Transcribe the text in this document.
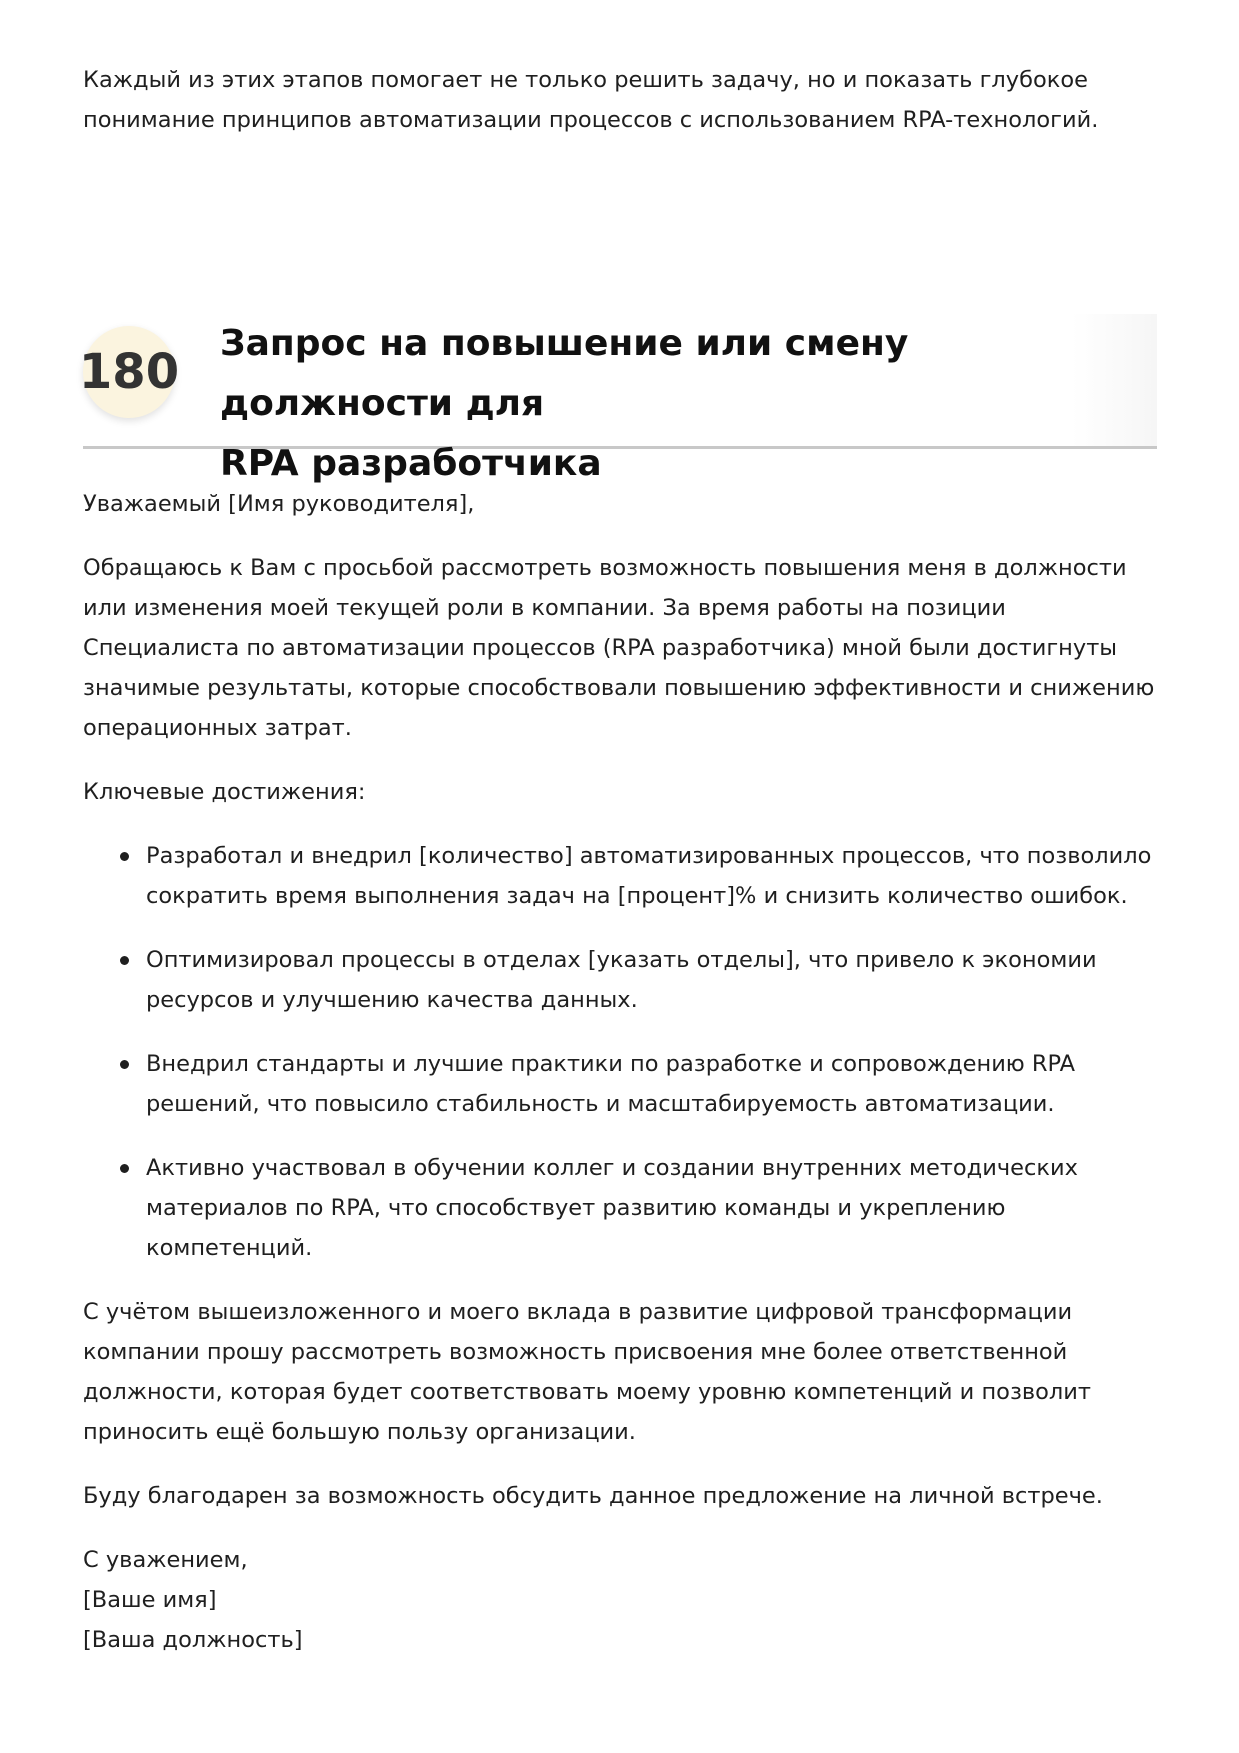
Каждый из этих этапов помогает не только решить задачу, но и показать глубокое

понимание принципов автоматизации процессов с использованием RPA-технологий.

180
Запрос на повышение или смену должности для
RPA разработчика

Уважаемый [Имя руководителя],

Обращаюсь к Вам с просьбой рассмотреть возможность повышения меня в должности или изменения моей текущей роли в компании. За время работы на позиции Специалиста по автоматизации процессов (RPA разработчика) мной были достигнуты значимые результаты, которые способствовали повышению эффективности и снижению операционных затрат.

Ключевые достижения:

Разработал и внедрил [количество] автоматизированных процессов, что позволило сократить время выполнения задач на [процент]% и снизить количество ошибок.
Оптимизировал процессы в отделах [указать отделы], что привело к экономии ресурсов и улучшению качества данных.
Внедрил стандарты и лучшие практики по разработке и сопровождению RPA решений, что повысило стабильность и масштабируемость автоматизации.
Активно участвовал в обучении коллег и создании внутренних методических материалов по RPA, что способствует развитию команды и укреплению компетенций.

С учётом вышеизложенного и моего вклада в развитие цифровой трансформации компании прошу рассмотреть возможность присвоения мне более ответственной должности, которая будет соответствовать моему уровню компетенций и позволит приносить ещё большую пользу организации.

Буду благодарен за возможность обсудить данное предложение на личной встрече.

С уважением,

[Ваше имя]

[Ваша должность]
